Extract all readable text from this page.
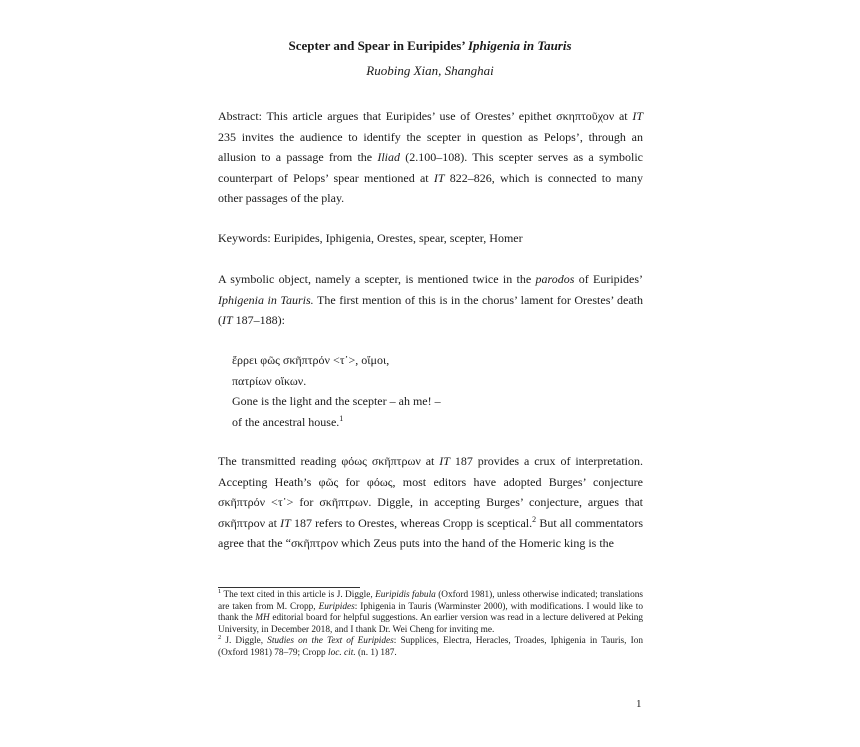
Scepter and Spear in Euripides’ Iphigenia in Tauris
Ruobing Xian, Shanghai
Abstract: This article argues that Euripides’ use of Orestes’ epithet σκηπτοῦχον at IT 235 invites the audience to identify the scepter in question as Pelops’, through an allusion to a passage from the Iliad (2.100–108). This scepter serves as a symbolic counterpart of Pelops’ spear mentioned at IT 822–826, which is connected to many other passages of the play.
Keywords: Euripides, Iphigenia, Orestes, spear, scepter, Homer
A symbolic object, namely a scepter, is mentioned twice in the parodos of Euripides’ Iphigenia in Tauris. The first mention of this is in the chorus’ lament for Orestes’ death (IT 187–188):
ἔρρει φῶς σκῆπτρόν <τ᾽>, οἴμοι,
πατρίων οἴκων.
Gone is the light and the scepter – ah me! –
of the ancestral house.$^1$
The transmitted reading φόως σκῆπτρων at IT 187 provides a crux of interpretation. Accepting Heath’s φῶς for φόως, most editors have adopted Burges’ conjecture σκῆπτρόν <τ᾽> for σκῆπτρων. Diggle, in accepting Burges’ conjecture, argues that σκῆπτρον at IT 187 refers to Orestes, whereas Cropp is sceptical.$^2$ But all commentators agree that the “σκῆπτρον which Zeus puts into the hand of the Homeric king is the
$^1$ The text cited in this article is J. Diggle, Euripidis fabula (Oxford 1981), unless otherwise indicated; translations are taken from M. Cropp, Euripides: Iphigenia in Tauris (Warminster 2000), with modifications. I would like to thank the MH editorial board for helpful suggestions. An earlier version was read in a lecture delivered at Peking University, in December 2018, and I thank Dr. Wei Cheng for inviting me.
$^2$ J. Diggle, Studies on the Text of Euripides: Supplices, Electra, Heracles, Troades, Iphigenia in Tauris, Ion (Oxford 1981) 78–79; Cropp loc. cit. (n. 1) 187.
1
